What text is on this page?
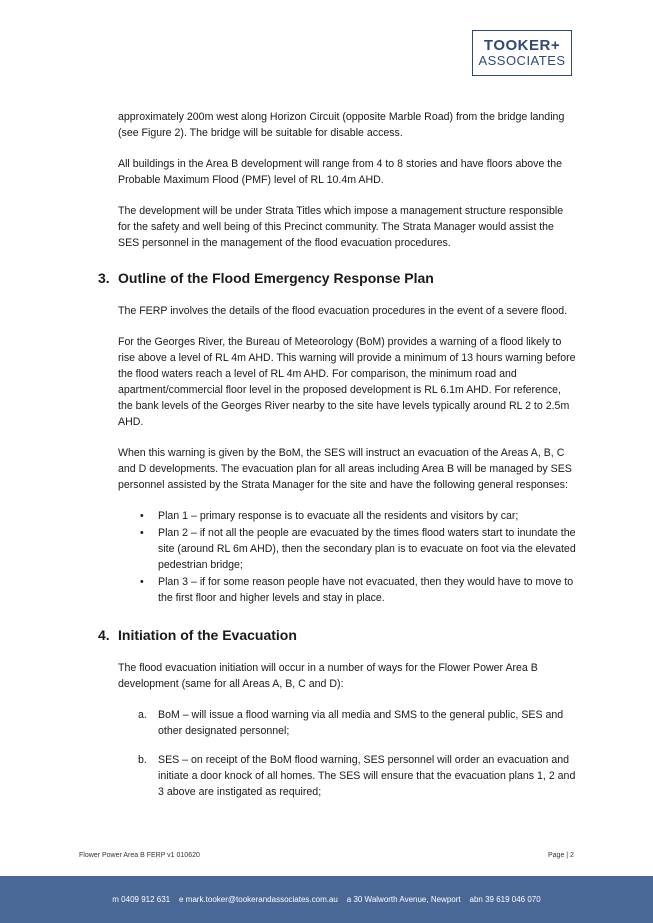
TOOKER+
ASSOCIATES

approximately 200m west along Horizon Circuit (opposite Marble Road) from the bridge landing (see Figure 2). The bridge will be suitable for disable access.

All buildings in the Area B development will range from 4 to 8 stories and have floors above the Probable Maximum Flood (PMF) level of RL 10.4m AHD.

The development will be under Strata Titles which impose a management structure responsible for the safety and well being of this Precinct community. The Strata Manager would assist the SES personnel in the management of the flood evacuation procedures.

3. Outline of the Flood Emergency Response Plan

The FERP involves the details of the flood evacuation procedures in the event of a severe flood.

For the Georges River, the Bureau of Meteorology (BoM) provides a warning of a flood likely to rise above a level of RL 4m AHD. This warning will provide a minimum of 13 hours warning before the flood waters reach a level of RL 4m AHD. For comparison, the minimum road and apartment/commercial floor level in the proposed development is RL 6.1m AHD. For reference, the bank levels of the Georges River nearby to the site have levels typically around RL 2 to 2.5m AHD.

When this warning is given by the BoM, the SES will instruct an evacuation of the Areas A, B, C and D developments. The evacuation plan for all areas including Area B will be managed by SES personnel assisted by the Strata Manager for the site and have the following general responses:

• Plan 1 – primary response is to evacuate all the residents and visitors by car;
• Plan 2 – if not all the people are evacuated by the times flood waters start to inundate the site (around RL 6m AHD), then the secondary plan is to evacuate on foot via the elevated pedestrian bridge;
• Plan 3 – if for some reason people have not evacuated, then they would have to move to the first floor and higher levels and stay in place.
4. Initiation of the Evacuation

The flood evacuation initiation will occur in a number of ways for the Flower Power Area B development (same for all Areas A, B, C and D):

a. BoM – will issue a flood warning via all media and SMS to the general public, SES and other designated personnel;
b. SES – on receipt of the BoM flood warning, SES personnel will order an evacuation and initiate a door knock of all homes. The SES will ensure that the evacuation plans 1, 2 and 3 above are instigated as required;
Flower Power Area B FERP v1 010620	Page | 2
m 0409 912 631    e mark.tooker@tookerandassociates.com.au    a 30 Walworth Avenue, Newport    abn 39 619 046 070
